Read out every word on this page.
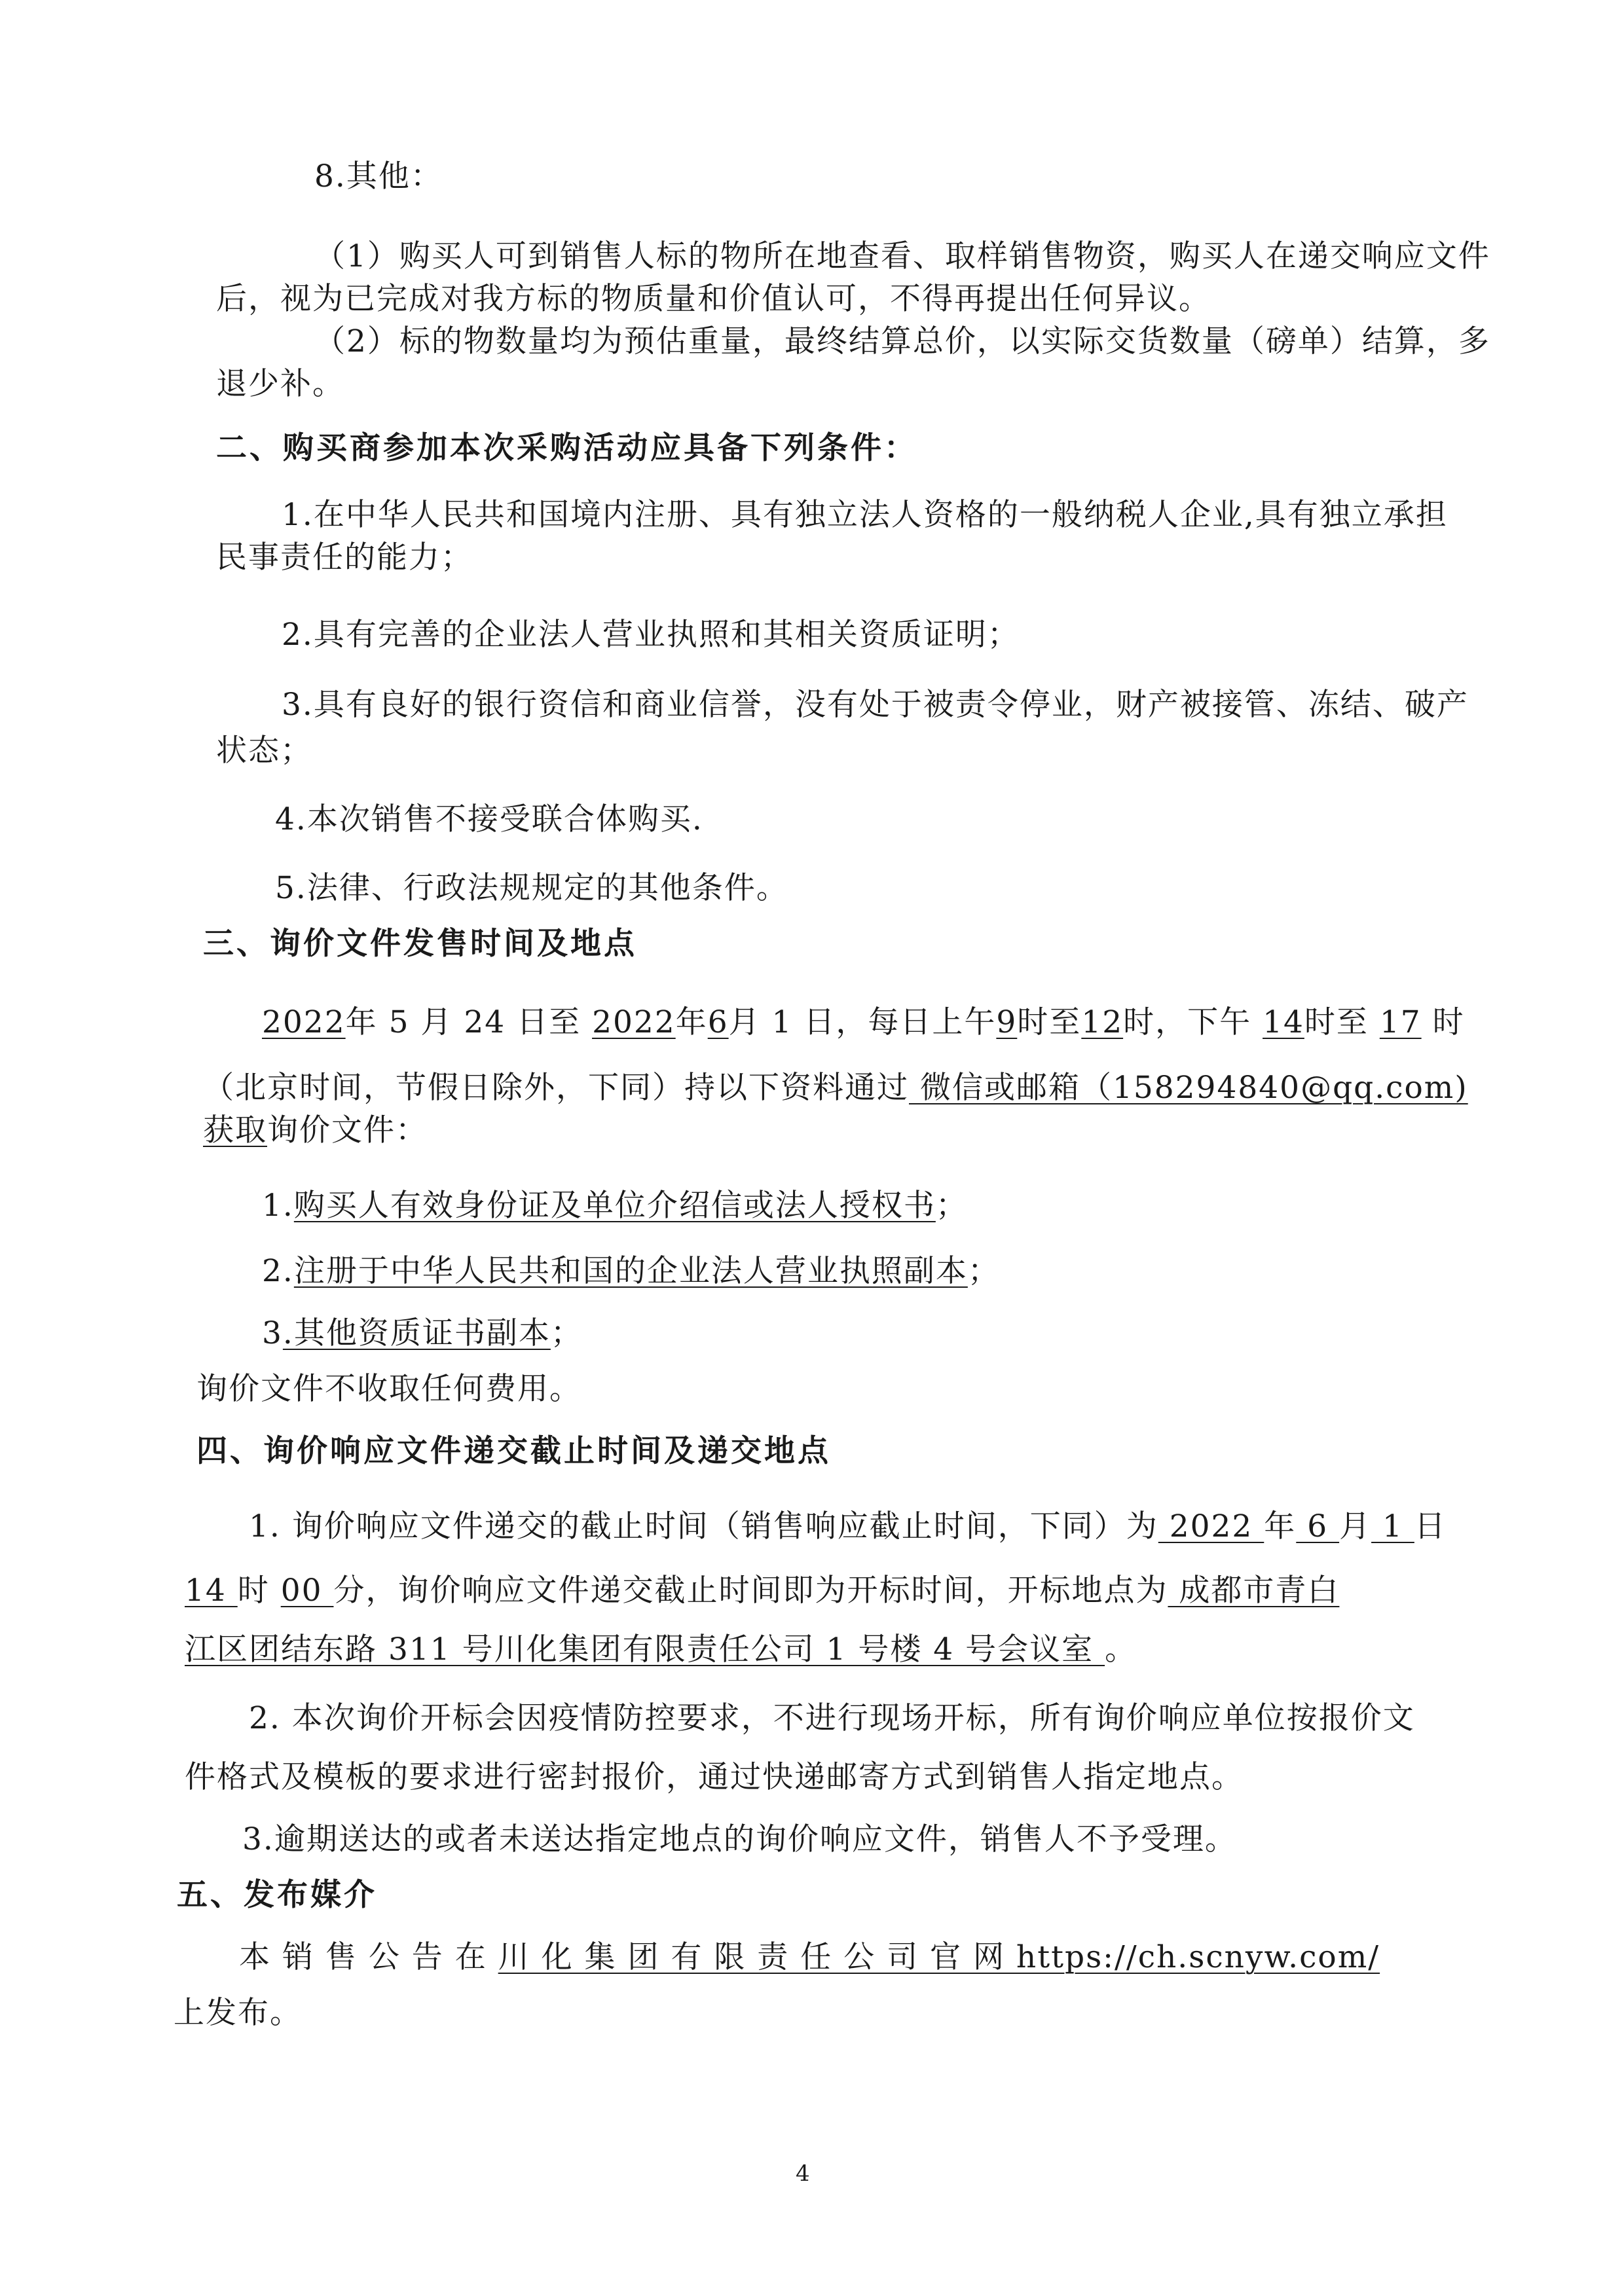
8.其他：
（1）购买人可到销售人标的物所在地查看、取样销售物资，购买人在递交响应文件
后，视为已完成对我方标的物质量和价值认可，不得再提出任何异议。
（2）标的物数量均为预估重量，最终结算总价，以实际交货数量（磅单）结算，多
退少补。
二、购买商参加本次采购活动应具备下列条件：
1.在中华人民共和国境内注册、具有独立法人资格的一般纳税人企业,具有独立承担
民事责任的能力；
2.具有完善的企业法人营业执照和其相关资质证明；
3.具有良好的银行资信和商业信誉，没有处于被责令停业，财产被接管、冻结、破产
状态；
4.本次销售不接受联合体购买.
5.法律、行政法规规定的其他条件。
三、询价文件发售时间及地点
2022年 5 月 24 日至 2022年6月 1 日，每日上午9时至12时，下午 14时至 17 时
（北京时间，节假日除外，下同）持以下资料通过 微信或邮箱（158294840@qq.com)
获取询价文件：
1.购买人有效身份证及单位介绍信或法人授权书；
2.注册于中华人民共和国的企业法人营业执照副本；
3.其他资质证书副本；
询价文件不收取任何费用。
四、询价响应文件递交截止时间及递交地点
1. 询价响应文件递交的截止时间（销售响应截止时间，下同）为 2022 年 6 月 1 日
14 时 00 分，询价响应文件递交截止时间即为开标时间，开标地点为 成都市青白
江区团结东路 311 号川化集团有限责任公司 1 号楼 4 号会议室 。
2. 本次询价开标会因疫情防控要求，不进行现场开标，所有询价响应单位按报价文
件格式及模板的要求进行密封报价，通过快递邮寄方式到销售人指定地点。
3.逾期送达的或者未送达指定地点的询价响应文件，销售人不予受理。
五、发布媒介
本 销 售 公 告 在 川 化 集 团 有 限 责 任 公 司 官 网 https://ch.scnyw.com/
上发布。
4
